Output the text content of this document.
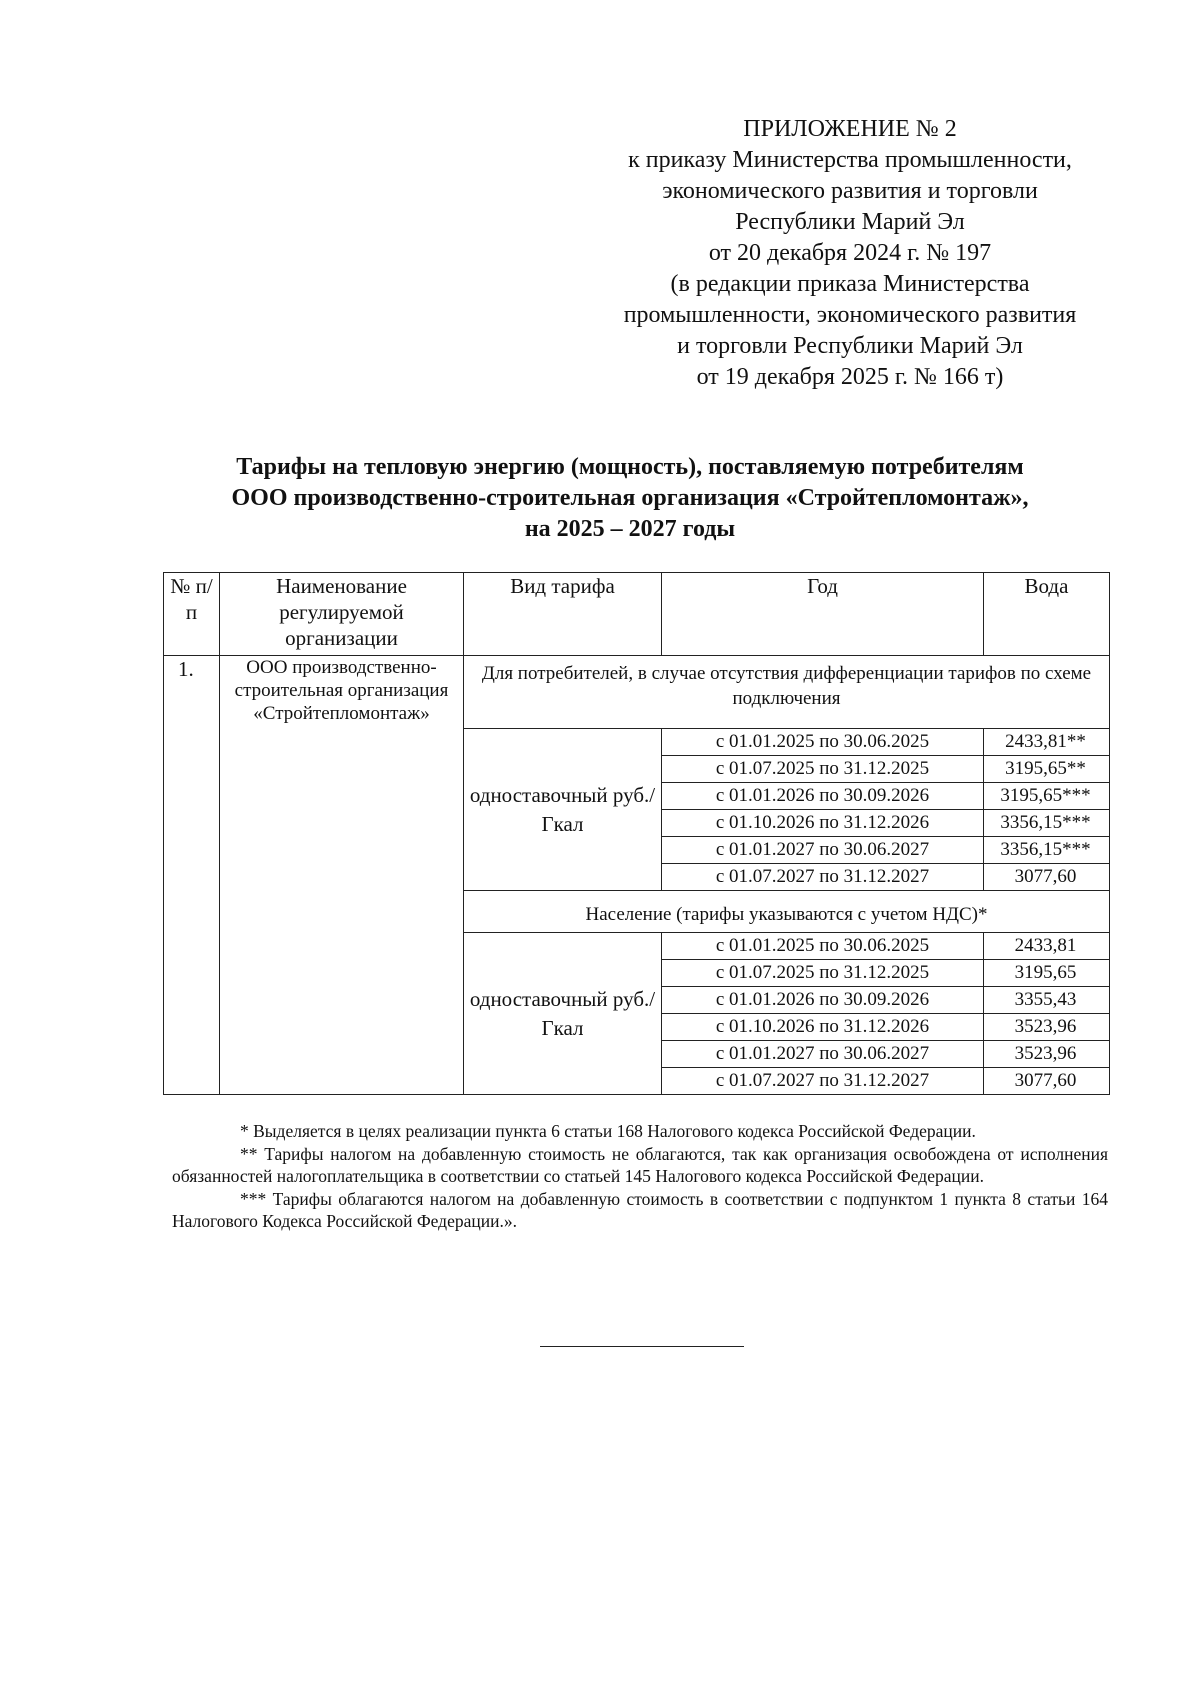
ПРИЛОЖЕНИЕ № 2
к приказу Министерства промышленности,
экономического развития и торговли
Республики Марий Эл
от 20 декабря 2024 г. № 197
(в редакции приказа Министерства
промышленности, экономического развития
и торговли Республики Марий Эл
от 19 декабря 2025 г. № 166 т)
Тарифы на тепловую энергию (мощность), поставляемую потребителям
ООО производственно-строительная организация «Стройтепломонтаж»,
на 2025 – 2027 годы
№ п/п	Наименование регулируемой организации	Вид тарифа	Год	Вода
1.	ООО производственно-строительная организация «Стройтепломонтаж»	Для потребителей, в случае отсутствия дифференциации тарифов по схеме подключения		
		одноставочный руб./Гкал	с 01.01.2025 по 30.06.2025	2433,81**
			с 01.07.2025 по 31.12.2025	3195,65**
			с 01.01.2026 по 30.09.2026	3195,65***
			с 01.10.2026 по 31.12.2026	3356,15***
			с 01.01.2027 по 30.06.2027	3356,15***
			с 01.07.2027 по 31.12.2027	3077,60
		Население (тарифы указываются с учетом НДС)*		
		одноставочный руб./Гкал	с 01.01.2025 по 30.06.2025	2433,81
			с 01.07.2025 по 31.12.2025	3195,65
			с 01.01.2026 по 30.09.2026	3355,43
			с 01.10.2026 по 31.12.2026	3523,96
			с 01.01.2027 по 30.06.2027	3523,96
			с 01.07.2027 по 31.12.2027	3077,60

* Выделяется в целях реализации пункта 6 статьи 168 Налогового кодекса Российской Федерации.

** Тарифы налогом на добавленную стоимость не облагаются, так как организация освобождена от исполнения обязанностей налогоплательщика в соответствии со статьей 145 Налогового кодекса Российской Федерации.

*** Тарифы облагаются налогом на добавленную стоимость в соответствии с подпунктом 1 пункта 8 статьи 164 Налогового Кодекса Российской Федерации.».
